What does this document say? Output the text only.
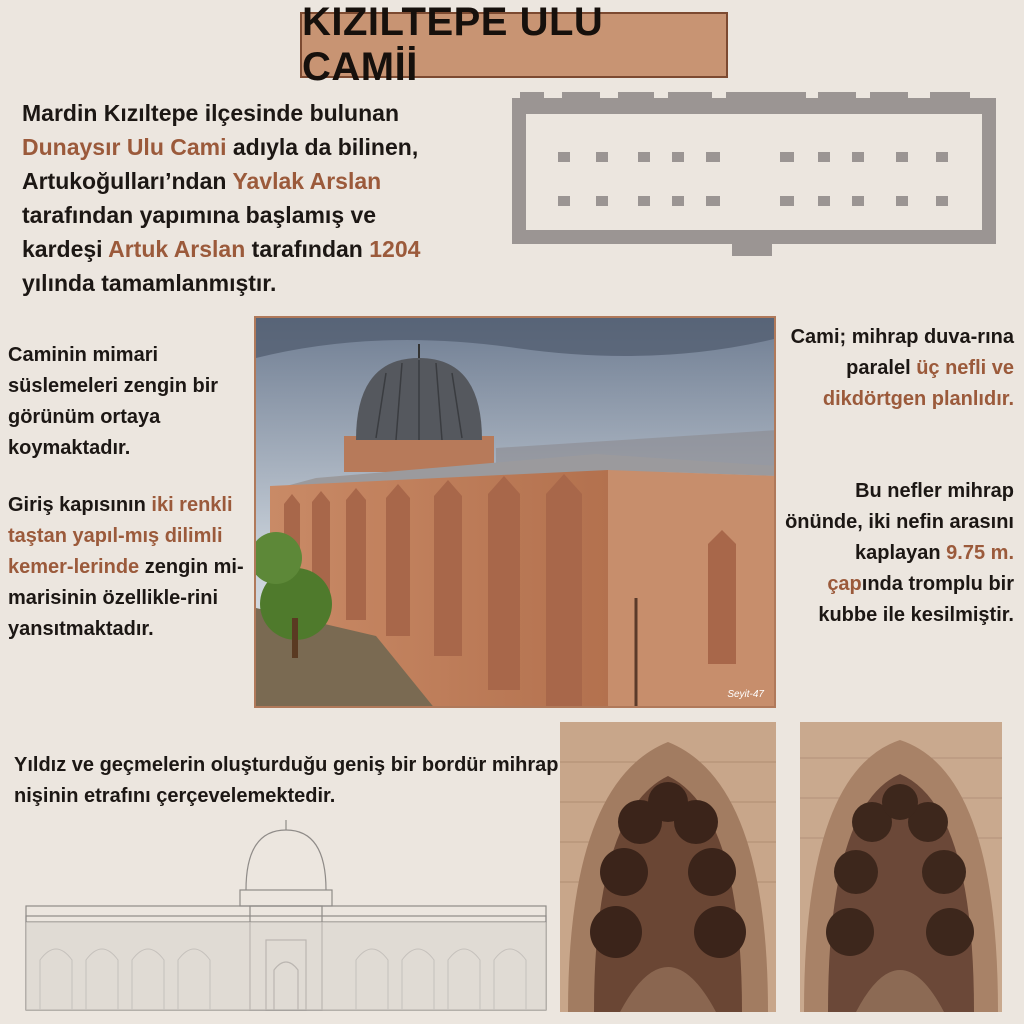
KIZILTEPE ULU CAMİİ
Mardin Kızıltepe ilçesinde bulunan
Dunaysır Ulu Cami adıyla da bilinen,
Artukoğulları’ndan Yavlak Arslan
tarafından yapımına başlamış ve
kardeşi Artuk Arslan tarafından 1204
yılında tamamlanmıştır.
Caminin mimari süslemeleri zengin bir görünüm ortaya koymaktadır.
Giriş kapısının iki renkli taştan yapıl-mış dilimli kemer-lerinde zengin mi-marisinin özellikle-rini yansıtmaktadır.
Seyit-47
Cami; mihrap duva-rına paralel üç nefli ve dikdörtgen planlıdır.
Bu nefler mihrap önünde, iki nefin arasını kaplayan 9.75 m. çapında tromplu bir kubbe ile kesilmiştir.
Yıldız ve geçmelerin oluşturduğu geniş bir bordür mihrap nişinin etrafını çerçevelemektedir.
